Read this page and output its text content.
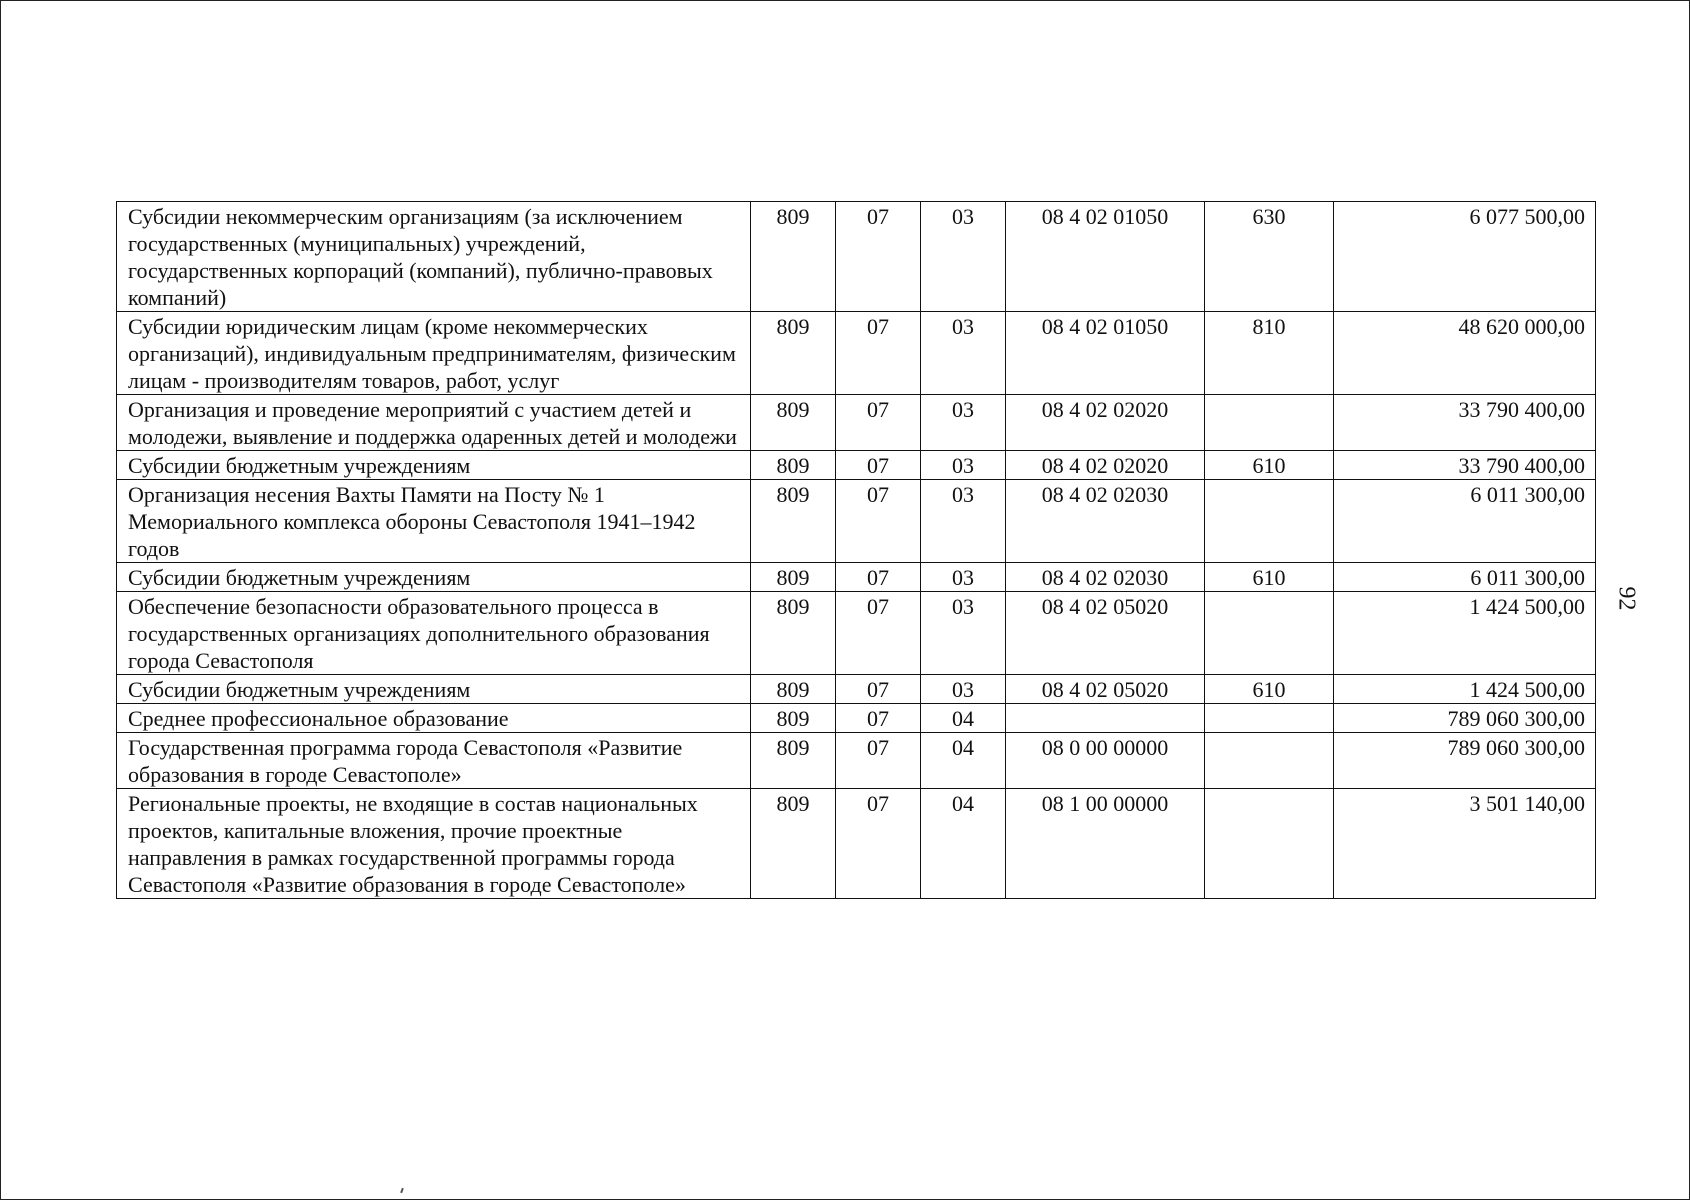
Субсидии некоммерческим организациям (за исключением государственных (муниципальных) учреждений, государственных корпораций (компаний), публично-правовых компаний)	809	07	03	08 4 02 01050	630	6 077 500,00
Субсидии юридическим лицам (кроме некоммерческих организаций), индивидуальным предпринимателям, физическим лицам - производителям товаров, работ, услуг	809	07	03	08 4 02 01050	810	48 620 000,00
Организация и проведение мероприятий с участием детей и молодежи, выявление и поддержка одаренных детей и молодежи	809	07	03	08 4 02 02020		33 790 400,00
Субсидии бюджетным учреждениям	809	07	03	08 4 02 02020	610	33 790 400,00
Организация несения Вахты Памяти на Посту № 1 Мемориального комплекса обороны Севастополя 1941–1942 годов	809	07	03	08 4 02 02030		6 011 300,00
Субсидии бюджетным учреждениям	809	07	03	08 4 02 02030	610	6 011 300,00
Обеспечение безопасности образовательного процесса в государственных организациях дополнительного образования города Севастополя	809	07	03	08 4 02 05020		1 424 500,00
Субсидии бюджетным учреждениям	809	07	03	08 4 02 05020	610	1 424 500,00
Среднее профессиональное образование	809	07	04			789 060 300,00
Государственная программа города Севастополя «Развитие образования в городе Севастополе»	809	07	04	08 0 00 00000		789 060 300,00
Региональные проекты, не входящие в состав национальных проектов, капитальные вложения, прочие проектные направления в рамках государственной программы города Севастополя «Развитие образования в городе Севастополе»	809	07	04	08 1 00 00000		3 501 140,00
92
